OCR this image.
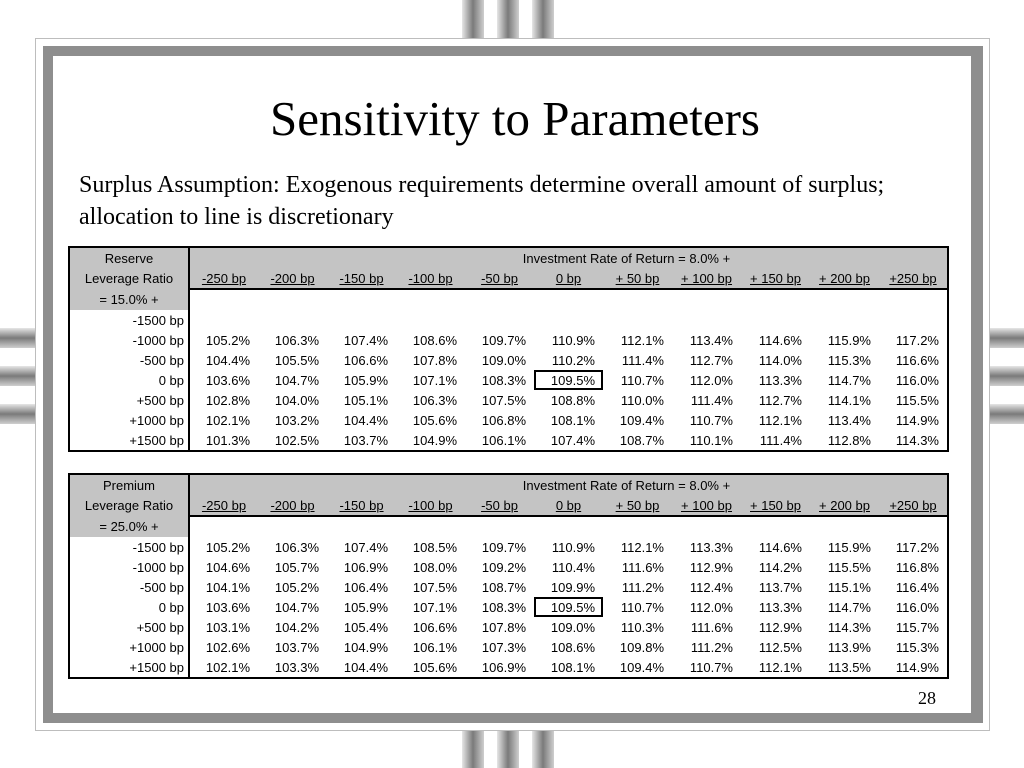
Sensitivity to Parameters
Surplus Assumption: Exogenous requirements determine overall amount of surplus; allocation to line is discretionary
28
Reserve	Investment Rate of Return = 8.0% +										
Leverage Ratio	-250 bp	-200 bp	-150 bp	-100 bp	-50 bp	0 bp	+ 50 bp	+ 100 bp	+ 150 bp	+ 200 bp	+250 bp
= 15.0% +											
-1500 bp											
-1000 bp	105.2%	106.3%	107.4%	108.6%	109.7%	110.9%	112.1%	113.4%	114.6%	115.9%	117.2%
-500 bp	104.4%	105.5%	106.6%	107.8%	109.0%	110.2%	111.4%	112.7%	114.0%	115.3%	116.6%
0 bp	103.6%	104.7%	105.9%	107.1%	108.3%	109.5%	110.7%	112.0%	113.3%	114.7%	116.0%
+500 bp	102.8%	104.0%	105.1%	106.3%	107.5%	108.8%	110.0%	111.4%	112.7%	114.1%	115.5%
+1000 bp	102.1%	103.2%	104.4%	105.6%	106.8%	108.1%	109.4%	110.7%	112.1%	113.4%	114.9%
+1500 bp	101.3%	102.5%	103.7%	104.9%	106.1%	107.4%	108.7%	110.1%	111.4%	112.8%	114.3%
Premium	Investment Rate of Return = 8.0% +										
Leverage Ratio	-250 bp	-200 bp	-150 bp	-100 bp	-50 bp	0 bp	+ 50 bp	+ 100 bp	+ 150 bp	+ 200 bp	+250 bp
= 25.0% +											
-1500 bp	105.2%	106.3%	107.4%	108.5%	109.7%	110.9%	112.1%	113.3%	114.6%	115.9%	117.2%
-1000 bp	104.6%	105.7%	106.9%	108.0%	109.2%	110.4%	111.6%	112.9%	114.2%	115.5%	116.8%
-500 bp	104.1%	105.2%	106.4%	107.5%	108.7%	109.9%	111.2%	112.4%	113.7%	115.1%	116.4%
0 bp	103.6%	104.7%	105.9%	107.1%	108.3%	109.5%	110.7%	112.0%	113.3%	114.7%	116.0%
+500 bp	103.1%	104.2%	105.4%	106.6%	107.8%	109.0%	110.3%	111.6%	112.9%	114.3%	115.7%
+1000 bp	102.6%	103.7%	104.9%	106.1%	107.3%	108.6%	109.8%	111.2%	112.5%	113.9%	115.3%
+1500 bp	102.1%	103.3%	104.4%	105.6%	106.9%	108.1%	109.4%	110.7%	112.1%	113.5%	114.9%
